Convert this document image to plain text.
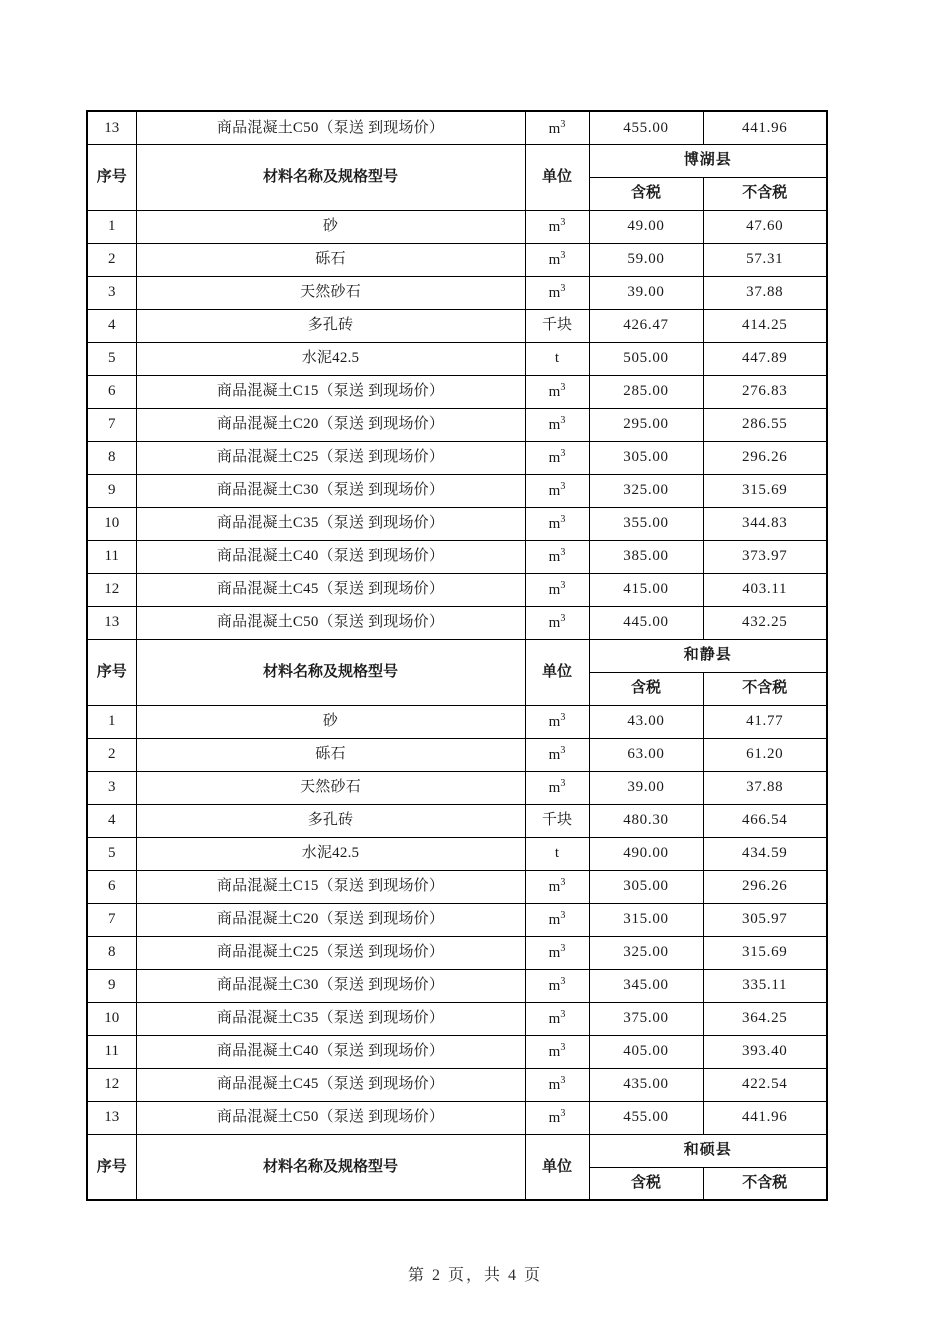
13	商品混凝土C50（泵送 到现场价）	$m^3$	455.00	441.96
序号	材料名称及规格型号	单位	博湖县	
			含税	不含税
1	砂	$m^3$	49.00	47.60
2	砾石	$m^3$	59.00	57.31
3	天然砂石	$m^3$	39.00	37.88
4	多孔砖	千块	426.47	414.25
5	水泥42.5	t	505.00	447.89
6	商品混凝土C15（泵送 到现场价）	$m^3$	285.00	276.83
7	商品混凝土C20（泵送 到现场价）	$m^3$	295.00	286.55
8	商品混凝土C25（泵送 到现场价）	$m^3$	305.00	296.26
9	商品混凝土C30（泵送 到现场价）	$m^3$	325.00	315.69
10	商品混凝土C35（泵送 到现场价）	$m^3$	355.00	344.83
11	商品混凝土C40（泵送 到现场价）	$m^3$	385.00	373.97
12	商品混凝土C45（泵送 到现场价）	$m^3$	415.00	403.11
13	商品混凝土C50（泵送 到现场价）	$m^3$	445.00	432.25
序号	材料名称及规格型号	单位	和静县	
			含税	不含税
1	砂	$m^3$	43.00	41.77
2	砾石	$m^3$	63.00	61.20
3	天然砂石	$m^3$	39.00	37.88
4	多孔砖	千块	480.30	466.54
5	水泥42.5	t	490.00	434.59
6	商品混凝土C15（泵送 到现场价）	$m^3$	305.00	296.26
7	商品混凝土C20（泵送 到现场价）	$m^3$	315.00	305.97
8	商品混凝土C25（泵送 到现场价）	$m^3$	325.00	315.69
9	商品混凝土C30（泵送 到现场价）	$m^3$	345.00	335.11
10	商品混凝土C35（泵送 到现场价）	$m^3$	375.00	364.25
11	商品混凝土C40（泵送 到现场价）	$m^3$	405.00	393.40
12	商品混凝土C45（泵送 到现场价）	$m^3$	435.00	422.54
13	商品混凝土C50（泵送 到现场价）	$m^3$	455.00	441.96
序号	材料名称及规格型号	单位	和硕县	
			含税	不含税
第 2 页，共 4 页
